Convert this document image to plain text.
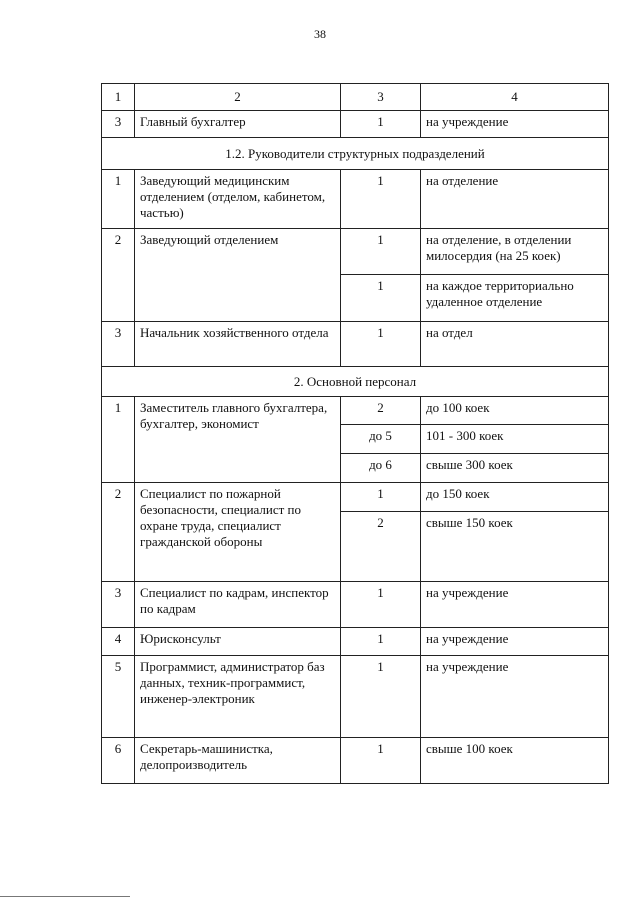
38
1	2	3	4
3	Главный бухгалтер	1	на учреждение
1.2. Руководители структурных подразделений			
1	Заведующий медицинским отделением (отделом, кабинетом, частью)	1	на отделение
2	Заведующий отделением	1	на отделение, в отделении милосердия (на 25 коек)
		1	на каждое территориально удаленное отделение
3	Начальник хозяйственного отдела	1	на отдел
2. Основной персонал			
1	Заместитель главного бухгалтера, бухгалтер, экономист	2	до 100 коек
		до 5	101 - 300 коек
		до 6	свыше 300 коек
2	Специалист по пожарной безопасности, специалист по охране труда, специалист гражданской обороны	1	до 150 коек
		2	свыше 150 коек
3	Специалист по кадрам, инспектор по кадрам	1	на учреждение
4	Юрисконсульт	1	на учреждение
5	Программист, администратор баз данных, техник-программист, инженер-электроник	1	на учреждение
6	Секретарь-машинистка, делопроизводитель	1	свыше 100 коек
